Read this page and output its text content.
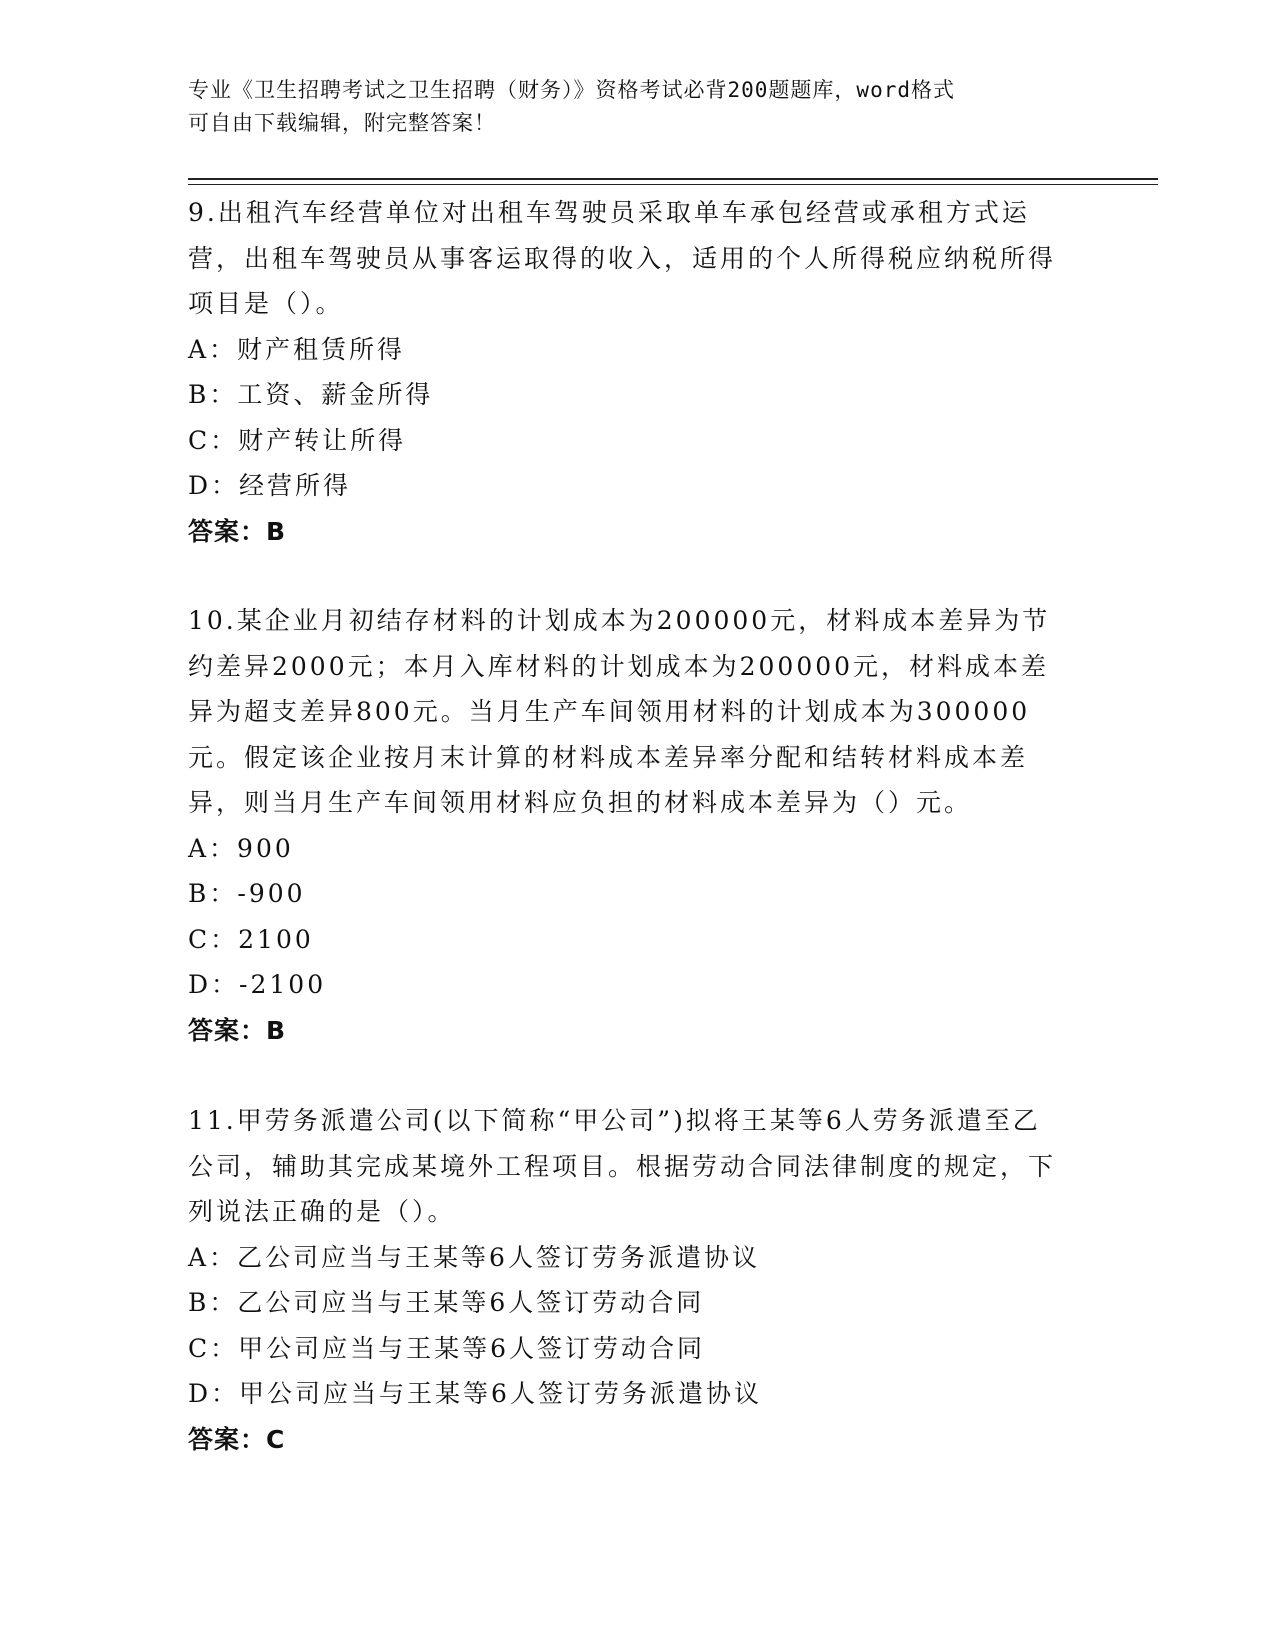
专业《卫生招聘考试之卫生招聘（财务）》资格考试必背200题题库，word格式
可自由下载编辑，附完整答案！

9.出租汽车经营单位对出租车驾驶员采取单车承包经营或承租方式运营，出租车驾驶员从事客运取得的收入，适用的个人所得税应纳税所得项目是（）。

A：财产租赁所得

B：工资、薪金所得

C：财产转让所得

D：经营所得

答案：B

10.某企业月初结存材料的计划成本为200000元，材料成本差异为节约差异2000元；本月入库材料的计划成本为200000元，材料成本差异为超支差异800元。当月生产车间领用材料的计划成本为300000元。假定该企业按月末计算的材料成本差异率分配和结转材料成本差异，则当月生产车间领用材料应负担的材料成本差异为（）元。

A：900

B：-900

C：2100

D：-2100

答案：B

11.甲劳务派遣公司(以下简称“甲公司”)拟将王某等6人劳务派遣至乙公司，辅助其完成某境外工程项目。根据劳动合同法律制度的规定，下列说法正确的是（）。

A：乙公司应当与王某等6人签订劳务派遣协议

B：乙公司应当与王某等6人签订劳动合同

C：甲公司应当与王某等6人签订劳动合同

D：甲公司应当与王某等6人签订劳务派遣协议

答案：C
